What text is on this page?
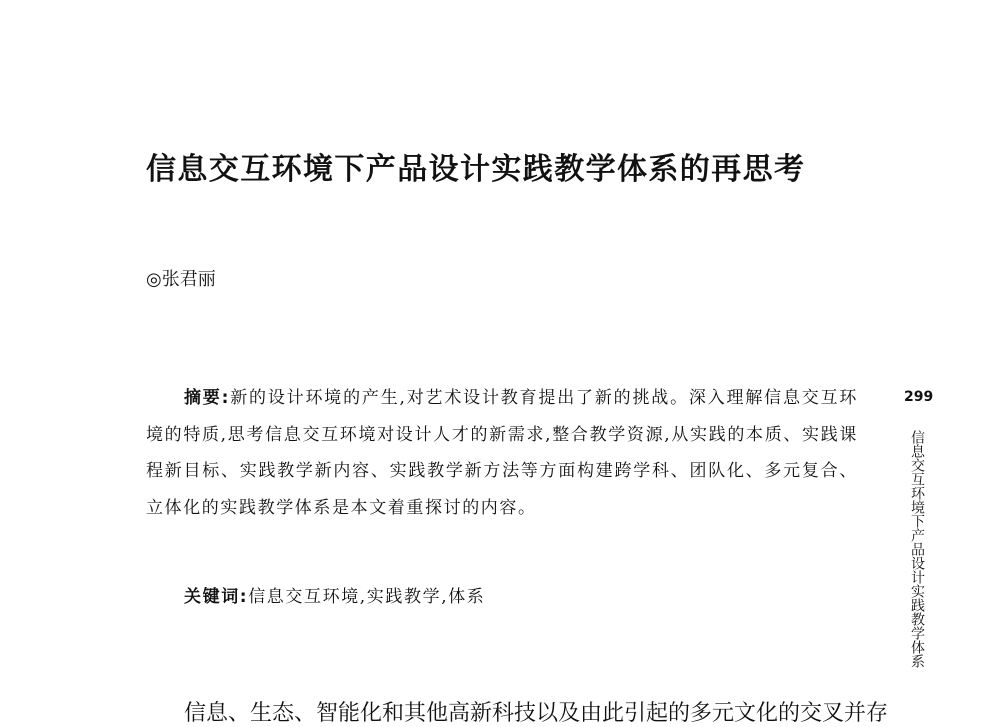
信息交互环境下产品设计实践教学体系的再思考
◎张君丽

摘要:新的设计环境的产生,对艺术设计教育提出了新的挑战。深入理解信息交互环境的特质,思考信息交互环境对设计人才的新需求,整合教学资源,从实践的本质、实践课程新目标、实践教学新内容、实践教学新方法等方面构建跨学科、团队化、多元复合、立体化的实践教学体系是本文着重探讨的内容。

关键词:信息交互环境,实践教学,体系

信息、生态、智能化和其他高新科技以及由此引起的多元文化的交叉并存

299
信息交互环境下产品设计实践教学体系
